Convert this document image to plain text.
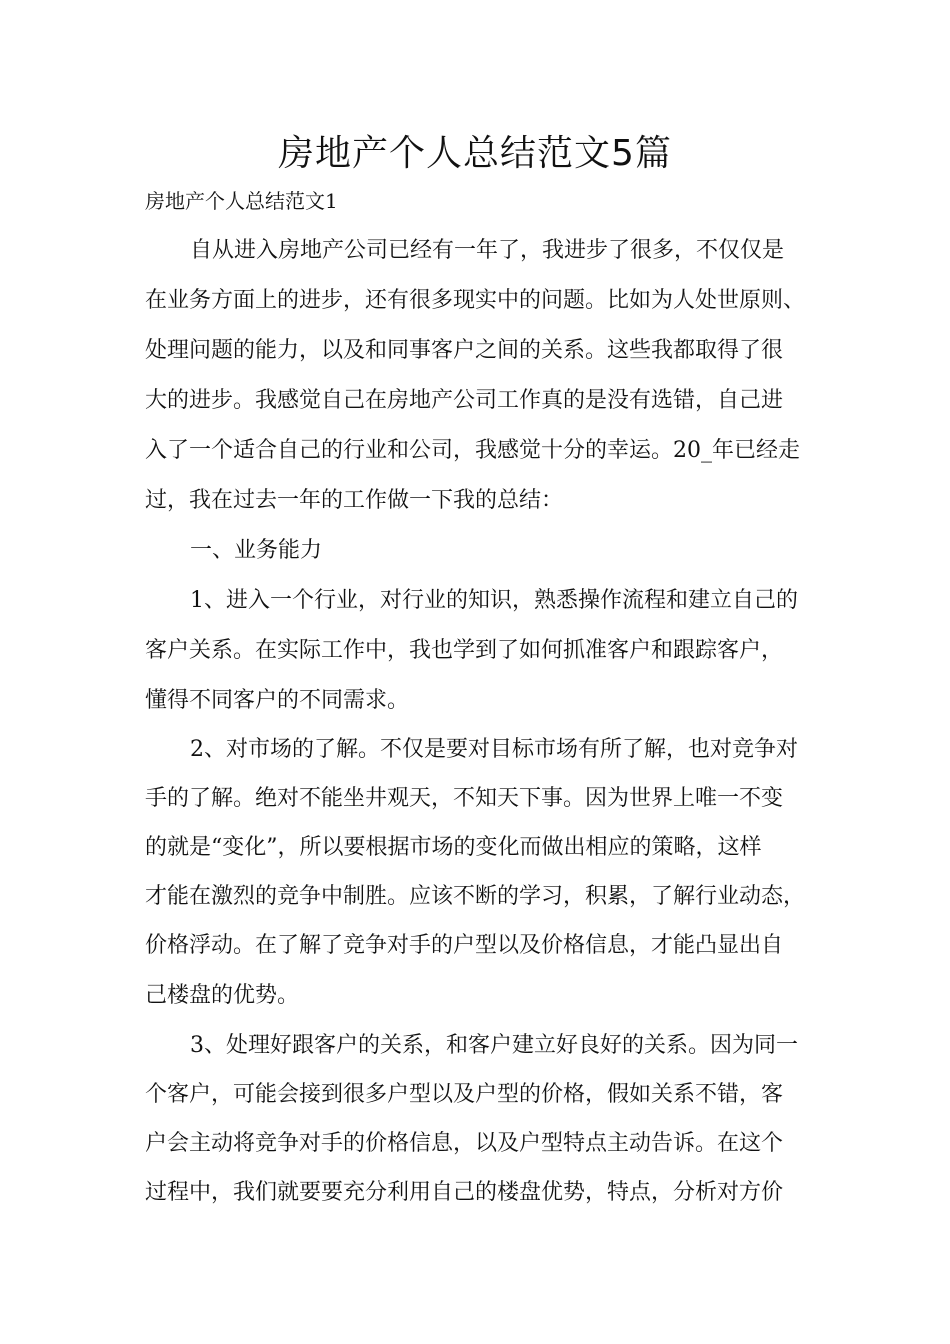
房地产个人总结范文5篇

房地产个人总结范文1

自从进入房地产公司已经有一年了，我进步了很多，不仅仅是

在业务方面上的进步，还有很多现实中的问题。比如为人处世原则、

处理问题的能力，以及和同事客户之间的关系。这些我都取得了很

大的进步。我感觉自己在房地产公司工作真的是没有选错，自己进

入了一个适合自己的行业和公司，我感觉十分的幸运。20_年已经走

过，我在过去一年的工作做一下我的总结：

一、业务能力

1、进入一个行业，对行业的知识，熟悉操作流程和建立自己的

客户关系。在实际工作中，我也学到了如何抓准客户和跟踪客户，

懂得不同客户的不同需求。

2、对市场的了解。不仅是要对目标市场有所了解，也对竞争对

手的了解。绝对不能坐井观天，不知天下事。因为世界上唯一不变

的就是“变化”，所以要根据市场的变化而做出相应的策略，这样

才能在激烈的竞争中制胜。应该不断的学习，积累，了解行业动态，

价格浮动。在了解了竞争对手的户型以及价格信息，才能凸显出自

己楼盘的优势。

3、处理好跟客户的关系，和客户建立好良好的关系。因为同一

个客户，可能会接到很多户型以及户型的价格，假如关系不错，客

户会主动将竞争对手的价格信息，以及户型特点主动告诉。在这个

过程中，我们就要要充分利用自己的楼盘优势，特点，分析对方价
